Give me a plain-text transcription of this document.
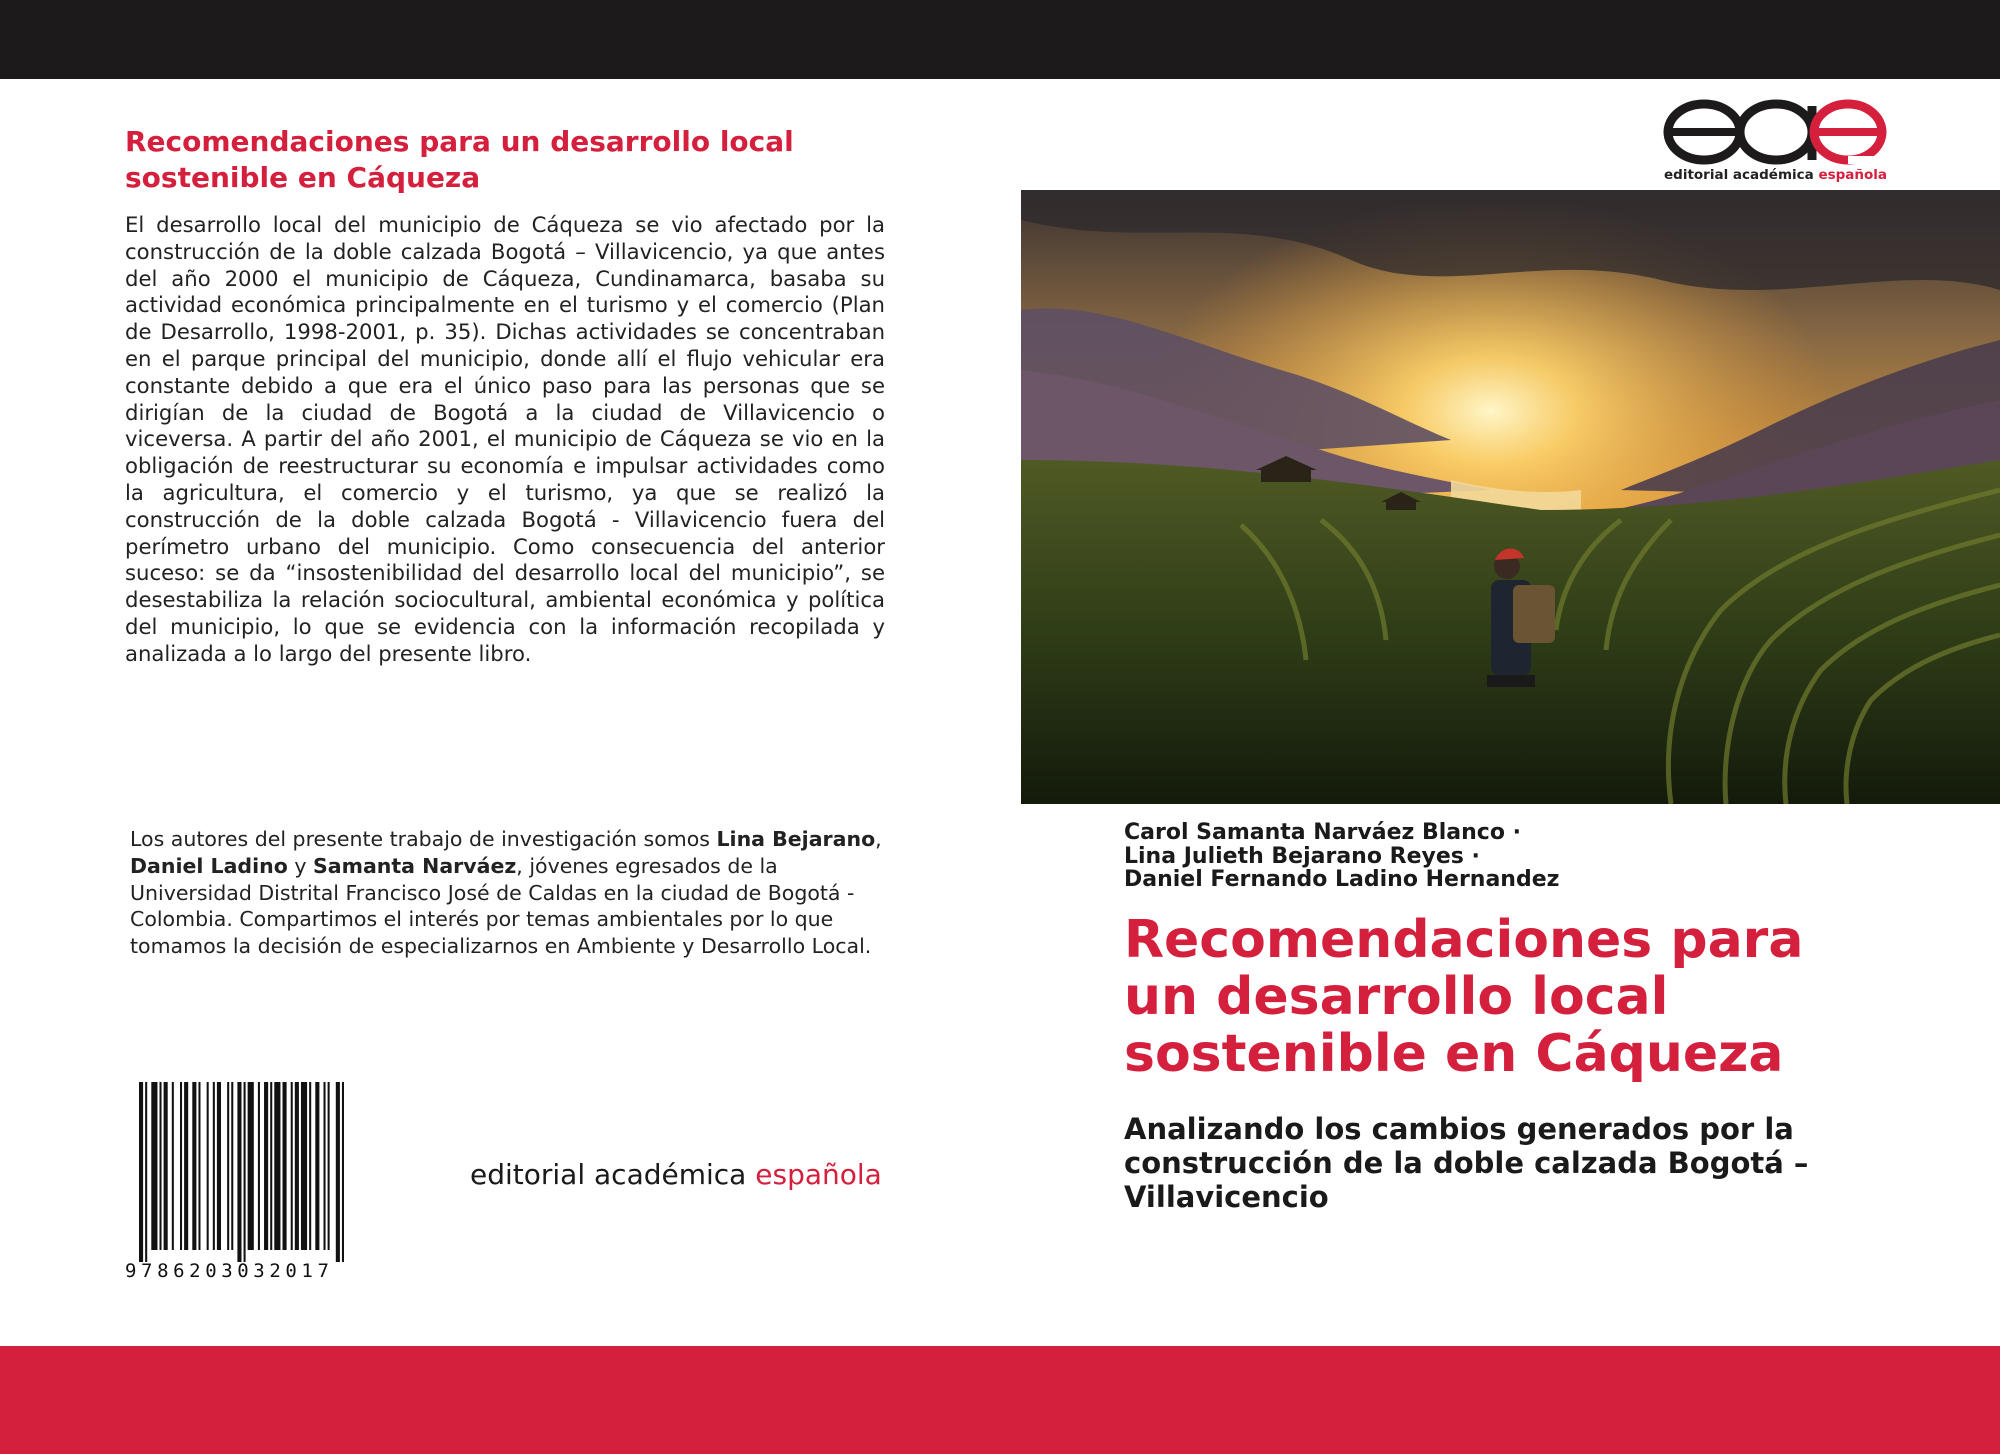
Recomendaciones para un desarrollo local
sostenible en Cáqueza

El desarrollo local del municipio de Cáqueza se vio afectado por la construcción de la doble calzada Bogotá – Villavicencio, ya que antes del año 2000 el municipio de Cáqueza, Cundinamarca, basaba su actividad económica principalmente en el turismo y el comercio (Plan de Desarrollo, 1998-2001, p. 35). Dichas actividades se concentraban en el parque principal del municipio, donde allí el flujo vehicular era constante debido a que era el único paso para las personas que se dirigían de la ciudad de Bogotá a la ciudad de Villavicencio o viceversa. A partir del año 2001, el municipio de Cáqueza se vio en la obligación de reestructurar su economía e impulsar actividades como la agricultura, el comercio y el turismo, ya que se realizó la construcción de la doble calzada Bogotá - Villavicencio fuera del perímetro urbano del municipio. Como consecuencia del anterior suceso: se da “insostenibilidad del desarrollo local del municipio”, se desestabiliza la relación sociocultural, ambiental económica y política del municipio, lo que se evidencia con la información recopilada y analizada a lo largo del presente libro.

Los autores del presente trabajo de investigación somos Lina Bejarano, Daniel Ladino y Samanta Narváez, jóvenes egresados de la Universidad Distrital Francisco José de Caldas en la ciudad de Bogotá - Colombia. Compartimos el interés por temas ambientales por lo que tomamos la decisión de especializarnos en Ambiente y Desarrollo Local.

9786203032017
editorial académica española
editorial académica española
Carol Samanta Narváez Blanco ·
Lina Julieth Bejarano Reyes ·
Daniel Fernando Ladino Hernandez
Recomendaciones para
un desarrollo local
sostenible en Cáqueza
Analizando los cambios generados por la
construcción de la doble calzada Bogotá –
Villavicencio
